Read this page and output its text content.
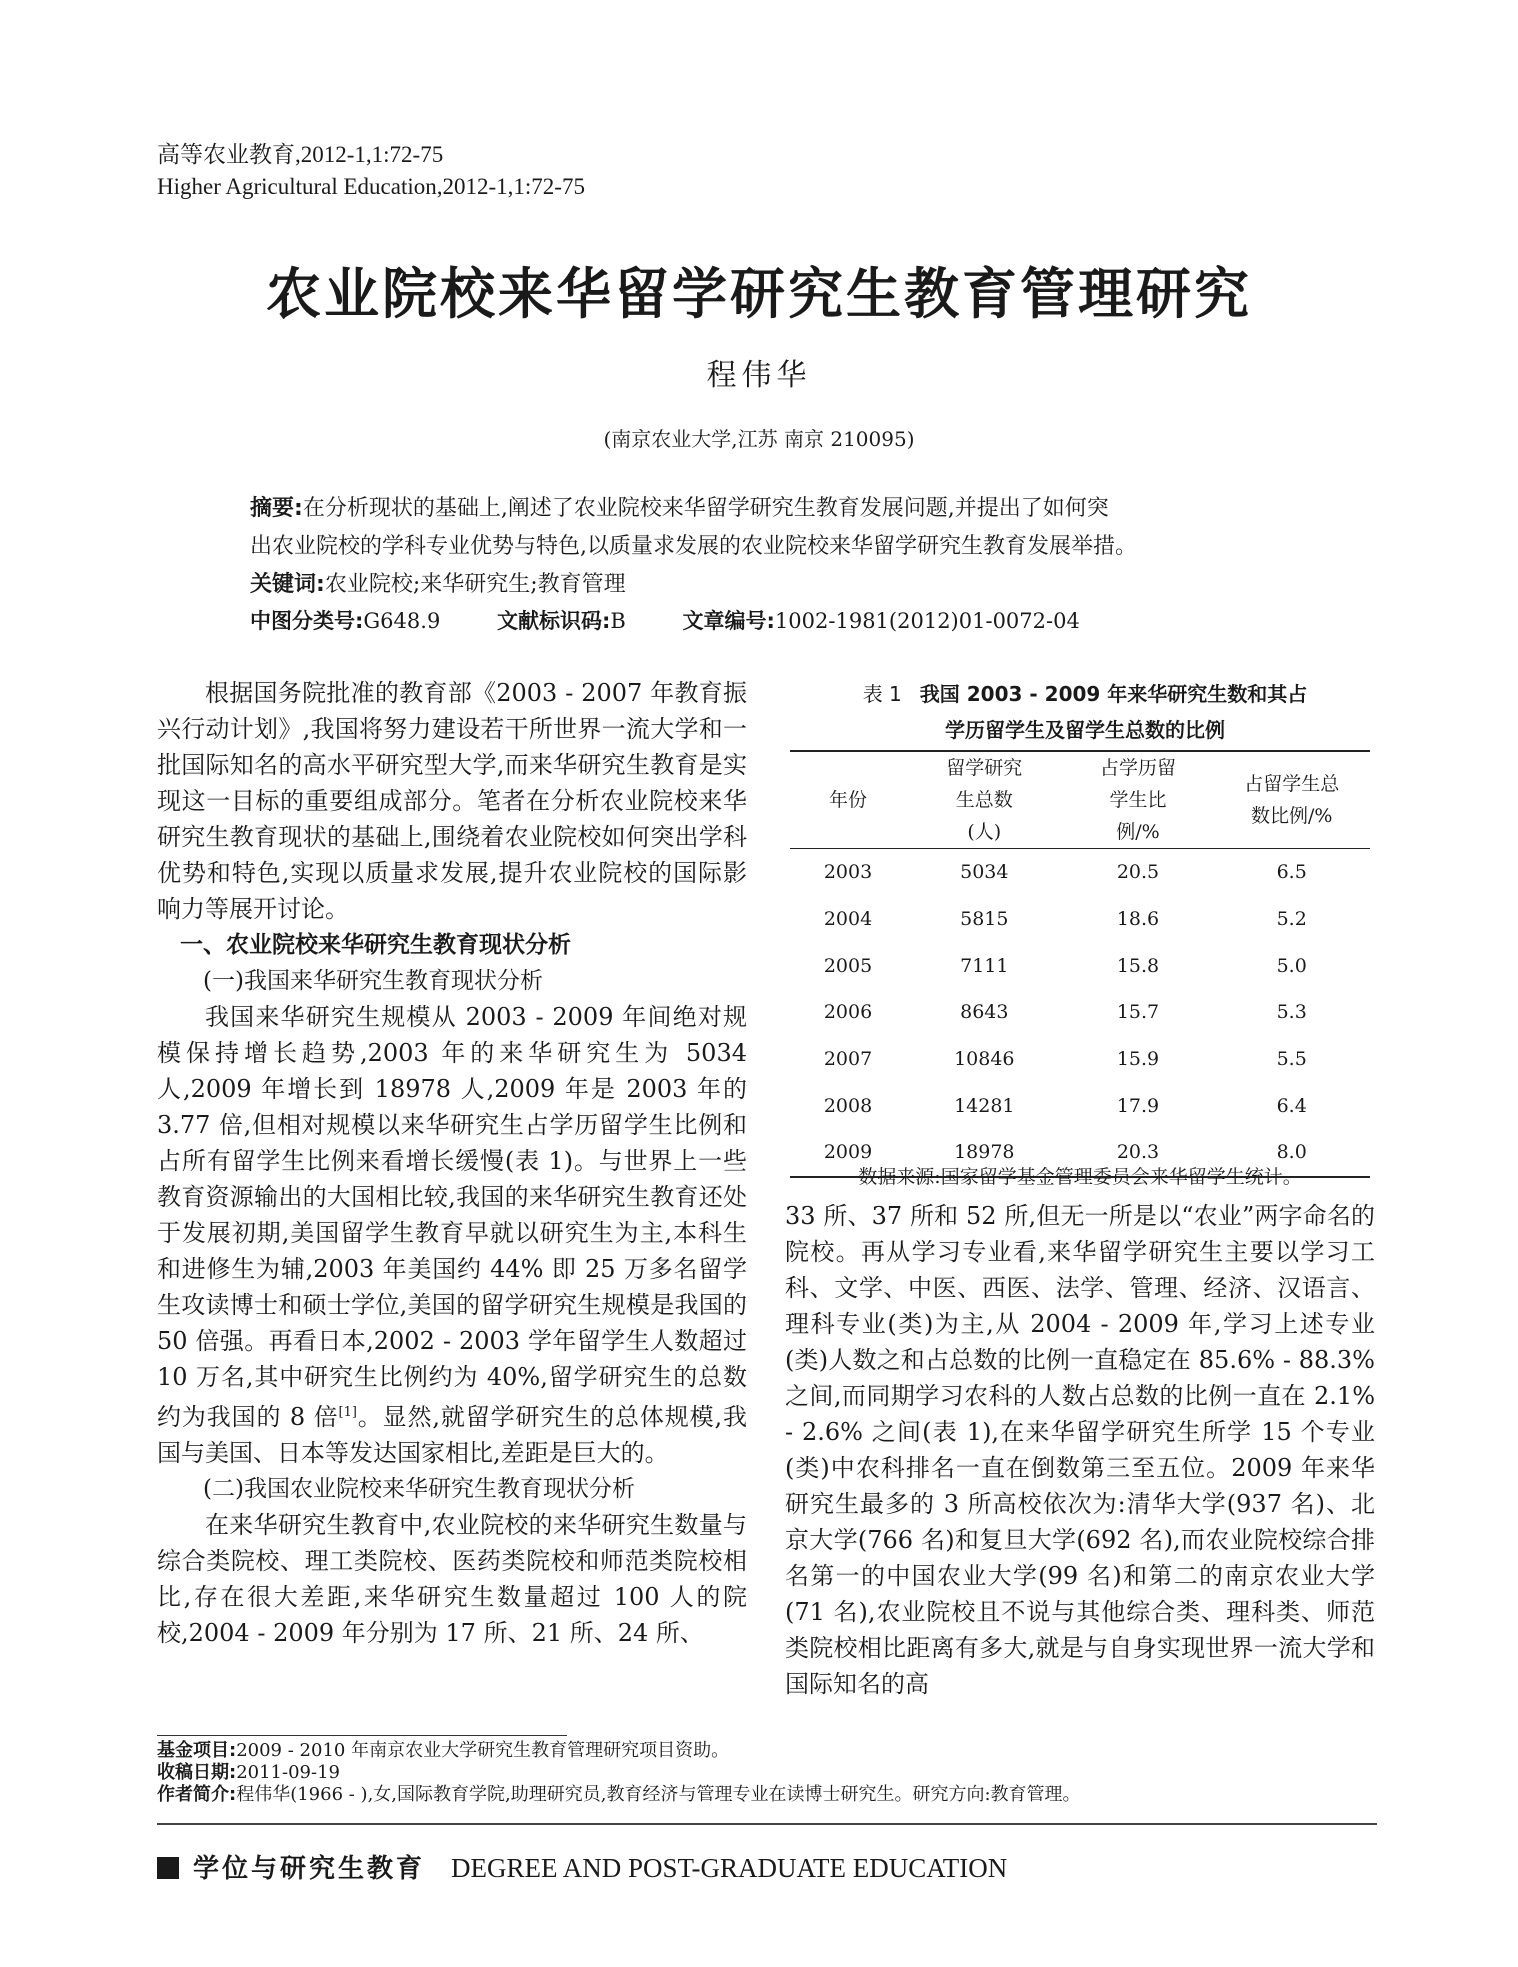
高等农业教育,2012-1,1:72-75
Higher Agricultural Education,2012-1,1:72-75
农业院校来华留学研究生教育管理研究
程伟华
(南京农业大学,江苏 南京 210095)
摘要:在分析现状的基础上,阐述了农业院校来华留学研究生教育发展问题,并提出了如何突
出农业院校的学科专业优势与特色,以质量求发展的农业院校来华留学研究生教育发展举措。
关键词:农业院校;来华研究生;教育管理
中图分类号:G648.9	文献标识码:B	文章编号:1002-1981(2012)01-0072-04

根据国务院批准的教育部《2003 - 2007 年教育振兴行动计划》,我国将努力建设若干所世界一流大学和一批国际知名的高水平研究型大学,而来华研究生教育是实现这一目标的重要组成部分。笔者在分析农业院校来华研究生教育现状的基础上,围绕着农业院校如何突出学科优势和特色,实现以质量求发展,提升农业院校的国际影响力等展开讨论。

一、农业院校来华研究生教育现状分析

(一)我国来华研究生教育现状分析

我国来华研究生规模从 2003 - 2009 年间绝对规模保持增长趋势,2003 年的来华研究生为 5034 人,2009 年增长到 18978 人,2009 年是 2003 年的 3.77 倍,但相对规模以来华研究生占学历留学生比例和占所有留学生比例来看增长缓慢(表 1)。与世界上一些教育资源输出的大国相比较,我国的来华研究生教育还处于发展初期,美国留学生教育早就以研究生为主,本科生和进修生为辅,2003 年美国约 44% 即 25 万多名留学生攻读博士和硕士学位,美国的留学研究生规模是我国的 50 倍强。再看日本,2002 - 2003 学年留学生人数超过 10 万名,其中研究生比例约为 40%,留学研究生的总数约为我国的 8 倍[1]。显然,就留学研究生的总体规模,我国与美国、日本等发达国家相比,差距是巨大的。

(二)我国农业院校来华研究生教育现状分析

在来华研究生教育中,农业院校的来华研究生数量与综合类院校、理工类院校、医药类院校和师范类院校相比,存在很大差距,来华研究生数量超过 100 人的院校,2004 - 2009 年分别为 17 所、21 所、24 所、

表 1 我国 2003 - 2009 年来华研究生数和其占
学历留学生及留学生总数的比例
年份	留学研究生总数(人)	占学历留学生比例/%	占留学生总数比例/%
2003	5034	20.5	6.5
2004	5815	18.6	5.2
2005	7111	15.8	5.0
2006	8643	15.7	5.3
2007	10846	15.9	5.5
2008	14281	17.9	6.4
2009	18978	20.3	8.0
数据来源:国家留学基金管理委员会来华留学生统计。

33 所、37 所和 52 所,但无一所是以“农业”两字命名的院校。再从学习专业看,来华留学研究生主要以学习工科、文学、中医、西医、法学、管理、经济、汉语言、理科专业(类)为主,从 2004 - 2009 年,学习上述专业(类)人数之和占总数的比例一直稳定在 85.6% - 88.3% 之间,而同期学习农科的人数占总数的比例一直在 2.1% - 2.6% 之间(表 1),在来华留学研究生所学 15 个专业(类)中农科排名一直在倒数第三至五位。2009 年来华研究生最多的 3 所高校依次为:清华大学(937 名)、北京大学(766 名)和复旦大学(692 名),而农业院校综合排名第一的中国农业大学(99 名)和第二的南京农业大学(71 名),农业院校且不说与其他综合类、理科类、师范类院校相比距离有多大,就是与自身实现世界一流大学和国际知名的高

基金项目:2009 - 2010 年南京农业大学研究生教育管理研究项目资助。
收稿日期:2011-09-19
作者简介:程伟华(1966 - ),女,国际教育学院,助理研究员,教育经济与管理专业在读博士研究生。研究方向:教育管理。
学位与研究生教育 DEGREE AND POST-GRADUATE EDUCATION
